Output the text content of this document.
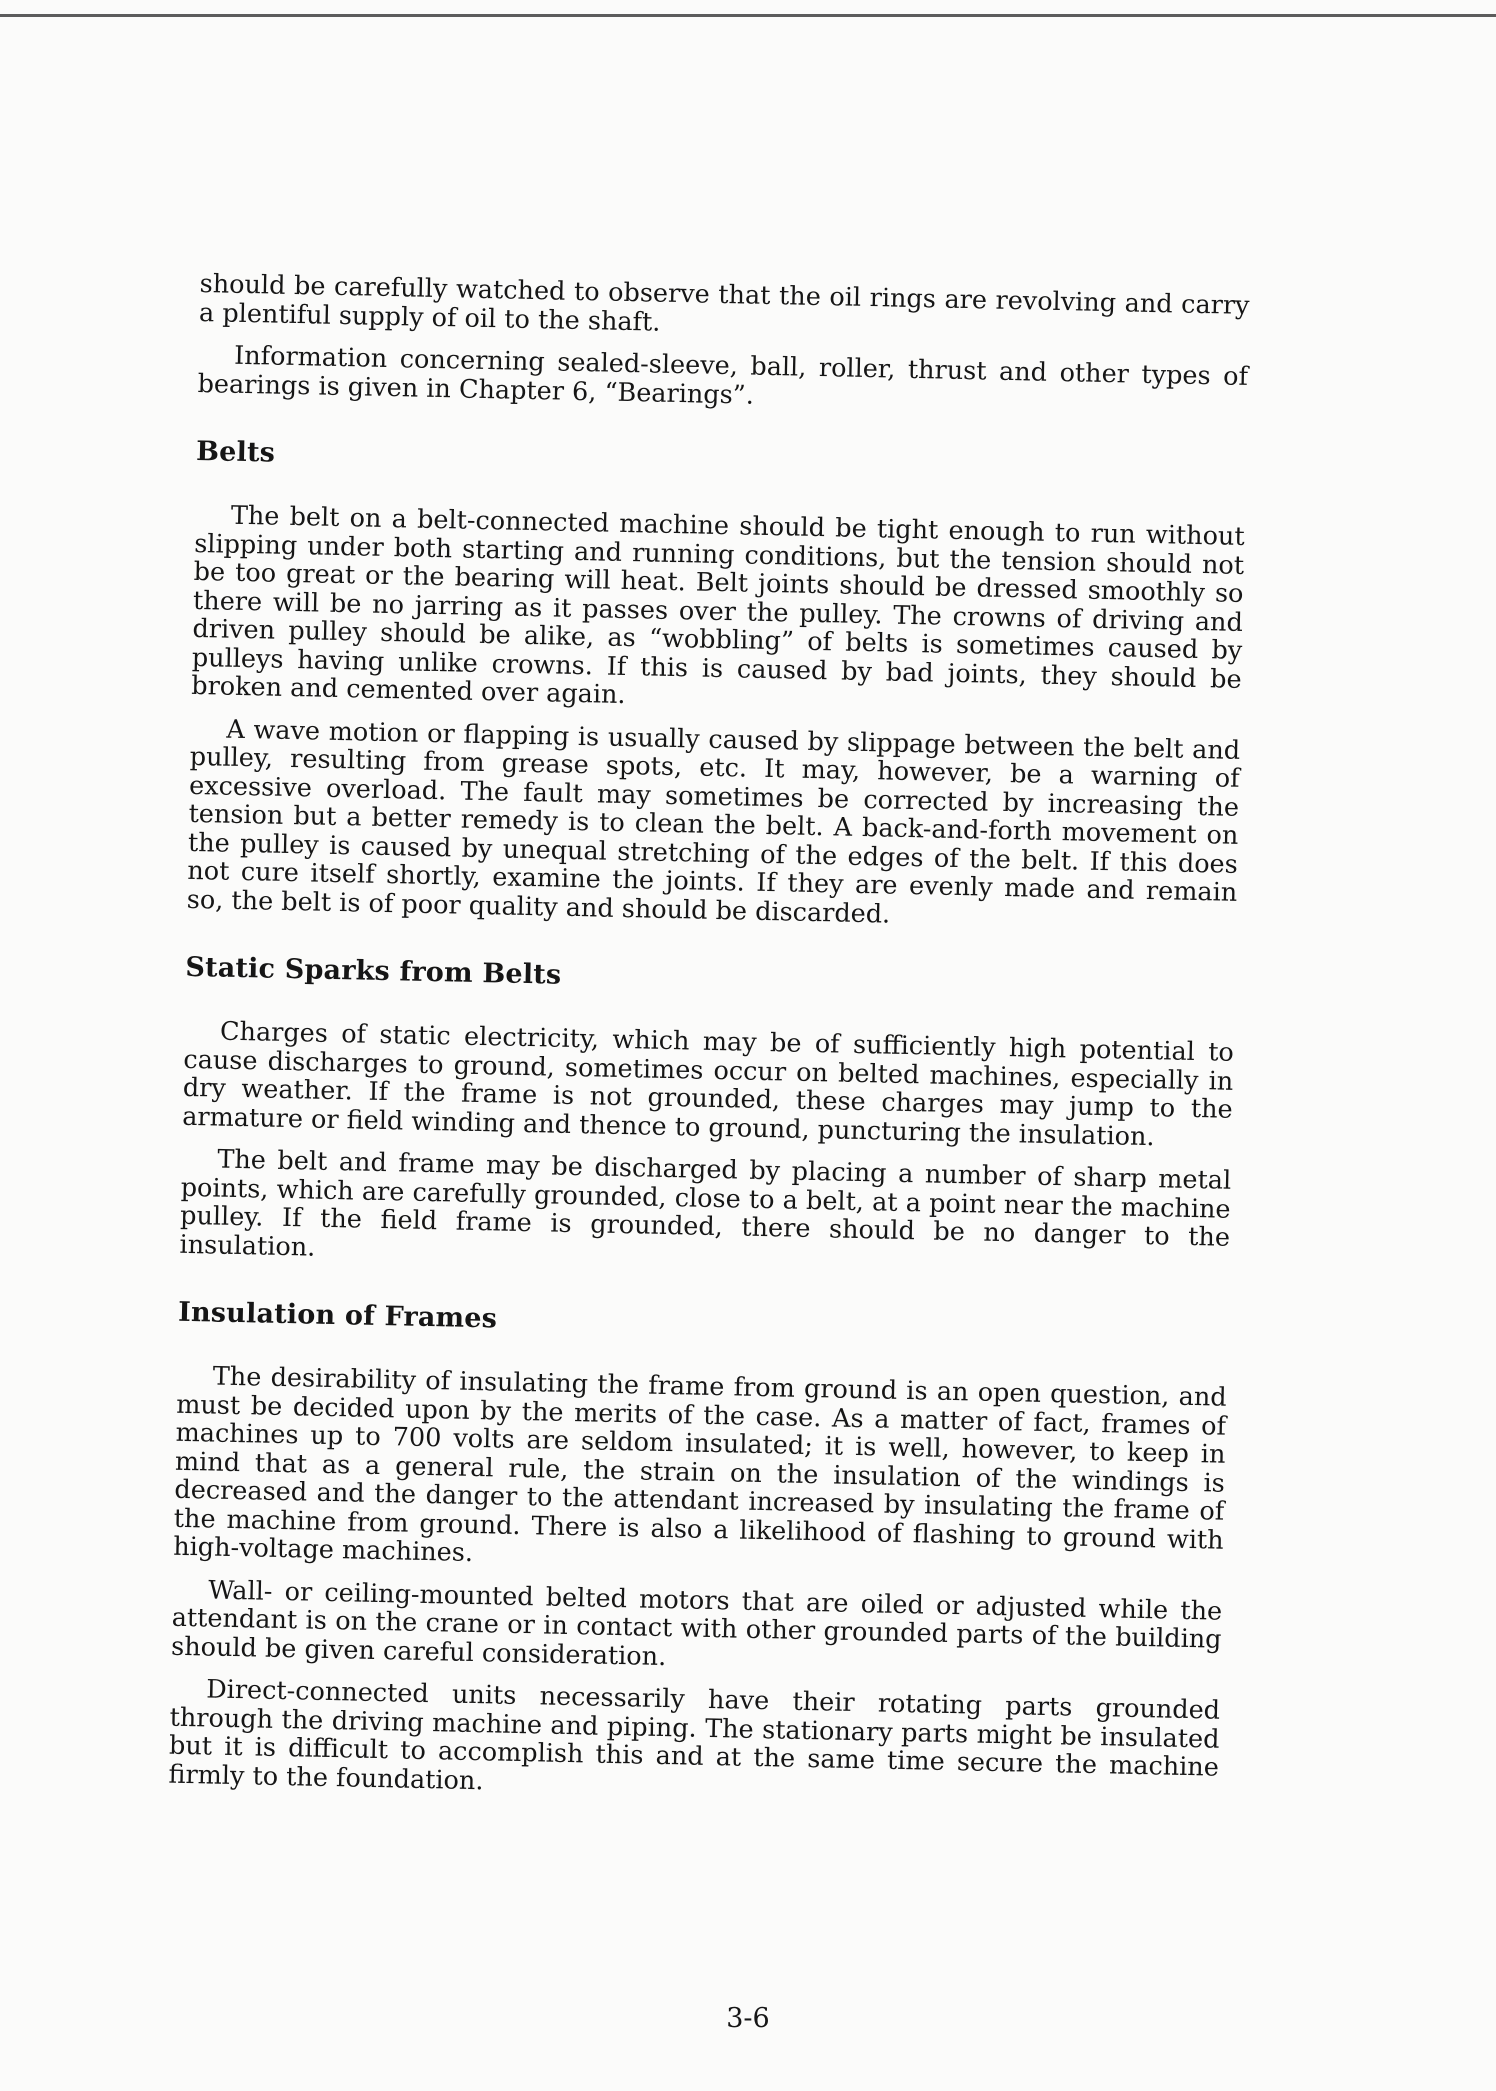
should be carefully watched to observe that the oil rings are revolving and carry a plentiful supply of oil to the shaft.

Information concerning sealed-sleeve, ball, roller, thrust and other types of bearings is given in Chapter 6, “Bearings”.

Belts

The belt on a belt-connected machine should be tight enough to run without slipping under both starting and running conditions, but the tension should not be too great or the bearing will heat. Belt joints should be dressed smoothly so there will be no jarring as it passes over the pulley. The crowns of driving and driven pulley should be alike, as “wobbling” of belts is sometimes caused by pulleys having unlike crowns. If this is caused by bad joints, they should be broken and cemented over again.

A wave motion or flapping is usually caused by slippage between the belt and pulley, resulting from grease spots, etc. It may, however, be a warning of excessive overload. The fault may sometimes be corrected by increasing the tension but a better remedy is to clean the belt. A back-and-forth movement on the pulley is caused by unequal stretching of the edges of the belt. If this does not cure itself shortly, examine the joints. If they are evenly made and remain so, the belt is of poor quality and should be discarded.

Static Sparks from Belts

Charges of static electricity, which may be of sufficiently high potential to cause discharges to ground, sometimes occur on belted machines, especially in dry weather. If the frame is not grounded, these charges may jump to the armature or field winding and thence to ground, puncturing the insulation.

The belt and frame may be discharged by placing a number of sharp metal points, which are carefully grounded, close to a belt, at a point near the machine pulley. If the field frame is grounded, there should be no danger to the insulation.

Insulation of Frames

The desirability of insulating the frame from ground is an open question, and must be decided upon by the merits of the case. As a matter of fact, frames of machines up to 700 volts are seldom insulated; it is well, however, to keep in mind that as a general rule, the strain on the insulation of the windings is decreased and the danger to the attendant increased by insulating the frame of the machine from ground. There is also a likelihood of flashing to ground with high-voltage machines.

Wall- or ceiling-mounted belted motors that are oiled or adjusted while the attendant is on the crane or in contact with other grounded parts of the building should be given careful consideration.

Direct-connected units necessarily have their rotating parts grounded through the driving machine and piping. The stationary parts might be insulated but it is difficult to accomplish this and at the same time secure the machine firmly to the foundation.

3-6
